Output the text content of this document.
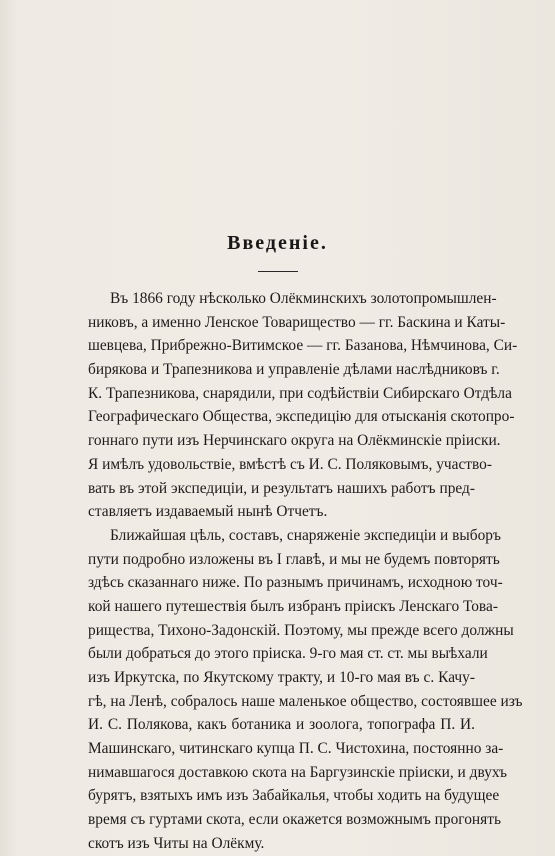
Введеніе.
Въ 1866 году нѣсколько Олёкминскихъ золотопромышлен-
никовъ, а именно Ленское Товарищество — гг. Баскина и Каты-
шевцева, Прибрежно-Витимское — гг. Базанова, Нѣмчинова, Си-
бирякова и Трапезникова и управленіе дѣлами наслѣдниковъ г.
К. Трапезникова, снарядили, при содѣйствіи Сибирскаго Отдѣла
Географическаго Общества, экспедицію для отысканія скотопро-
гоннаго пути изъ Нерчинскаго округа на Олёкминскіе пріиски.
Я имѣлъ удовольствіе, вмѣстѣ съ И. С. Поляковымъ, участво-
вать въ этой экспедиціи, и результатъ нашихъ работъ пред-
ставляетъ издаваемый нынѣ Отчетъ.
Ближайшая цѣль, составъ, снаряженіе экспедиціи и выборъ
пути подробно изложены въ I главѣ, и мы не будемъ повторять
здѣсь сказаннаго ниже. По разнымъ причинамъ, исходною точ-
кой нашего путешествія былъ избранъ пріискъ Ленскаго Това-
рищества, Тихоно-Задонскій. Поэтому, мы прежде всего должны
были добраться до этого пріиска. 9-го мая ст. ст. мы выѣхали
изъ Иркутска, по Якутскому тракту, и 10-го мая въ с. Качу-
гѣ, на Ленѣ, собралось наше маленькое общество, состоявшее изъ
И. С. Полякова, какъ ботаника и зоолога, топографа П. И.
Машинскаго, читинскаго купца П. С. Чистохина, постоянно за-
нимавшагося доставкою скота на Баргузинскіе пріиски, и двухъ
бурятъ, взятыхъ имъ изъ Забайкалья, чтобы ходить на будущее
время съ гуртами скота, если окажется возможнымъ прогонять
скотъ изъ Читы на Олёкму.
